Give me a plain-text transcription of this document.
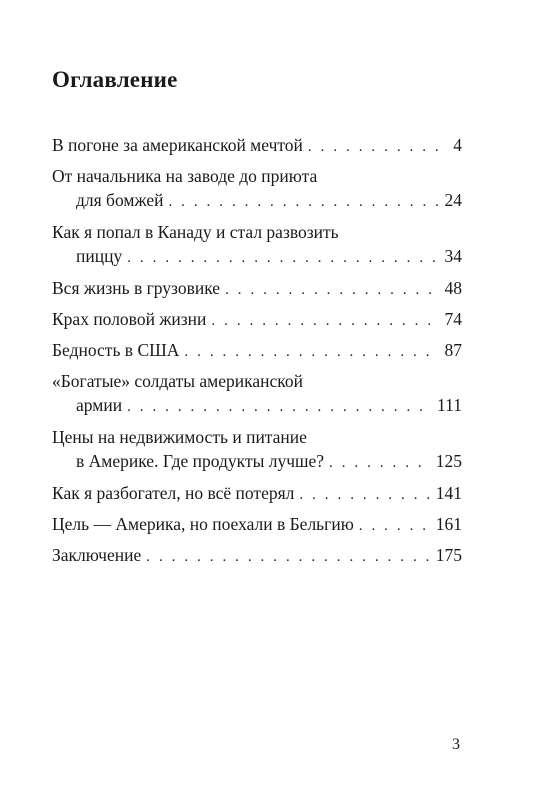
Оглавление
В погоне за американской мечтой . . .	4
От начальника на заводе до приюта
для бомжей . . .	24
Как я попал в Канаду и стал развозить
пиццу . . .	34
Вся жизнь в грузовике . . .	48
Крах половой жизни . . .	74
Бедность в США . . .	87
«Богатые» солдаты американской
армии . . .	111
Цены на недвижимость и питание
в Америке. Где продукты лучше? . . .	125
Как я разбогател, но всё потерял . . .	141
Цель — Америка, но поехали в Бельгию . . .	161
Заключение . . .	175
3
